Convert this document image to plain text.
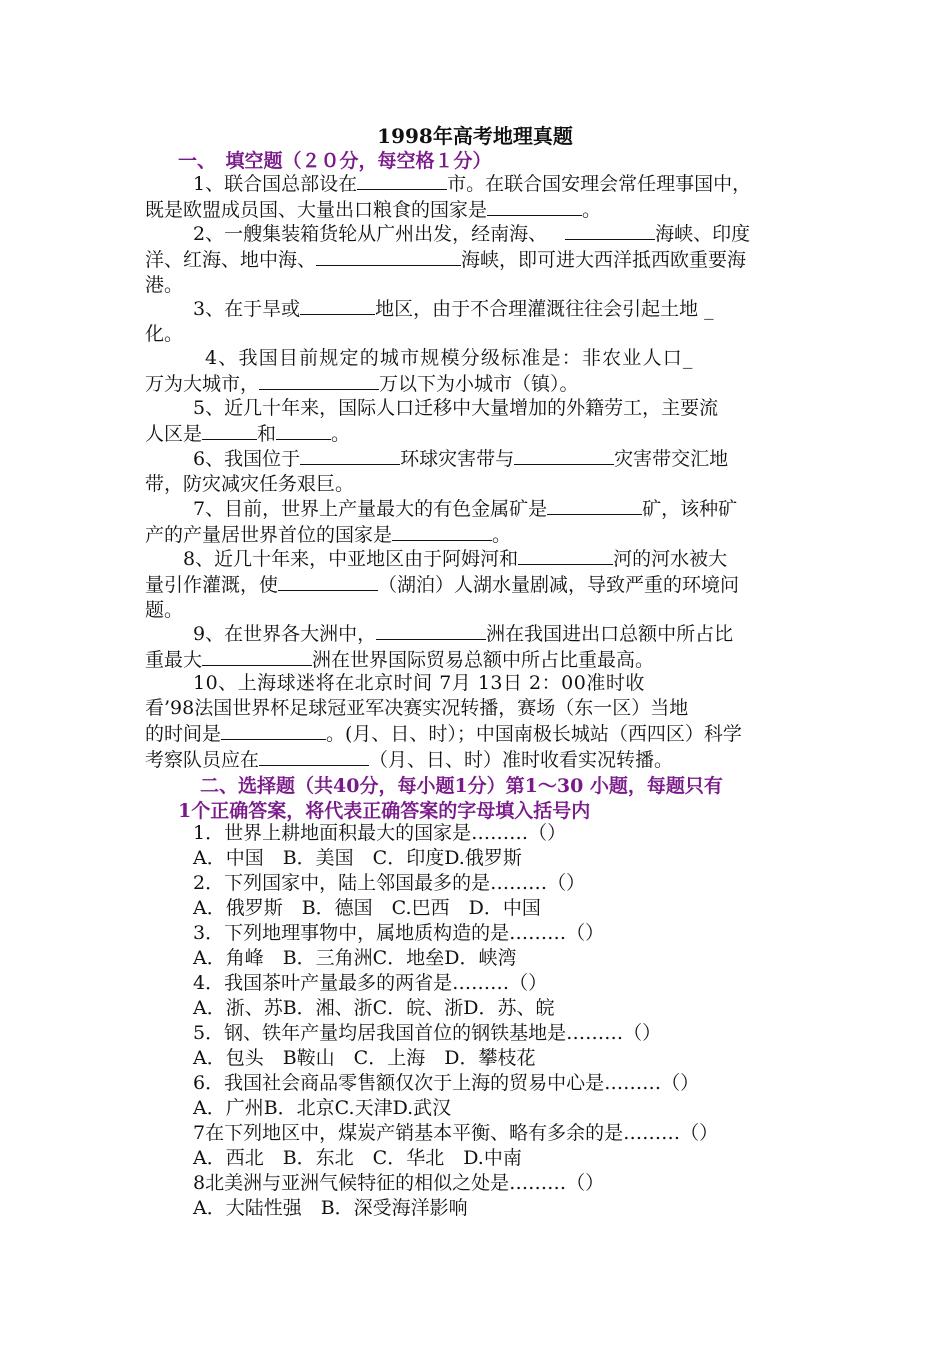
1998年高考地理真题
一、　填空题（２０分，每空格１分）
1、联合国总部设在	市。在联合国安理会常任理事国中，
既是欧盟成员国、大量出口粮食的国家是	。
2、一艘集装箱货轮从广州出发，经南海、	海峡、印度
洋、红海、地中海、	海峡，即可进大西洋抵西欧重要海
港。
3、在于旱或	地区，由于不合理灌溉往往会引起土地 _
化。
4、我国目前规定的城市规模分级标准是：非农业人口_
万为大城市，	万以下为小城市（镇）。
5、近几十年来，国际人口迁移中大量增加的外籍劳工，主要流
人区是	和	。
6、我国位于	环球灾害带与	灾害带交汇地
带，防灾减灾任务艰巨。
7、目前，世界上产量最大的有色金属矿是	矿，该种矿
产的产量居世界首位的国家是	。
8、近几十年来，中亚地区由于阿姆河和	河的河水被大
量引作灌溉，使	（湖泊）人湖水量剧减，导致严重的环境问
题。
9、在世界各大洲中，	洲在我国进出口总额中所占比
重最大	洲在世界国际贸易总额中所占比重最高。
10、上海球迷将在北京时间 7月 13日 2：00准时收
看’98法国世界杯足球冠亚军决赛实况转播，赛场（东一区）当地
的时间是	。(月、日、时）；中国南极长城站（西四区）科学
考察队员应在	（月、日、时）准时收看实况转播。
二、选择题（共40分，每小题1分）第1～30 小题，每题只有
1个正确答案，将代表正确答案的字母填入括号内
1．世界上耕地面积最大的国家是………（）
A．中国　B．美国　C．印度D.俄罗斯
2．下列国家中，陆上邻国最多的是………（）
A．俄罗斯　B．德国　C.巴西　D．中国
3．下列地理事物中，属地质构造的是………（）
A．角峰　B．三角洲C．地垒D．峡湾
4．我国茶叶产量最多的两省是………（）
A．浙、苏B．湘、浙C．皖、浙D．苏、皖
5．钢、铁年产量均居我国首位的钢铁基地是………（）
A．包头　B鞍山　C．上海　D．攀枝花
6．我国社会商品零售额仅次于上海的贸易中心是………（）
A．广州B．北京C.天津D.武汉
7在下列地区中，煤炭产销基本平衡、略有多余的是………（）
A．西北　B．东北　C．华北　D.中南
8北美洲与亚洲气候特征的相似之处是………（）
A．大陆性强　B．深受海洋影响
